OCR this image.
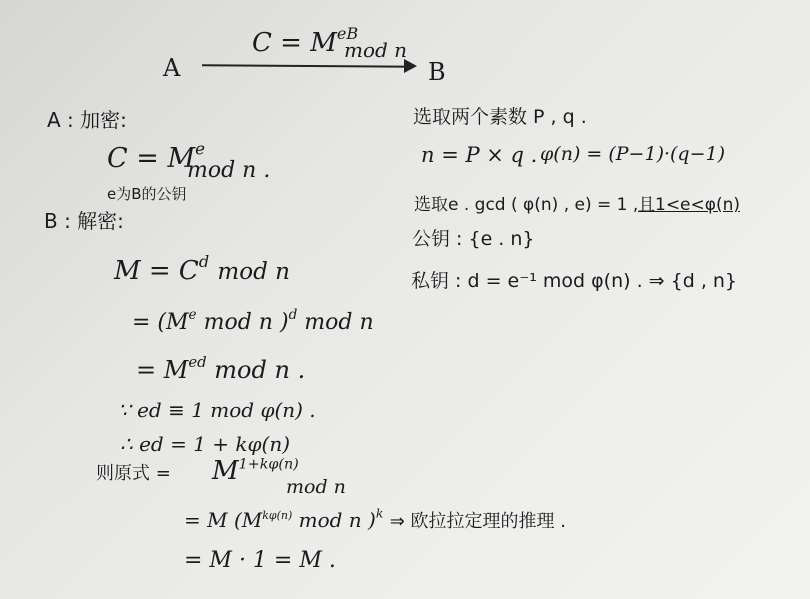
A
$C = M^{eB}$
mod n
B
A : 加密:
$C = M^e$
mod n .
e为B的公钥
B : 解密:
$M = C^d$ mod n
= ($M^e$ mod n )$^d$ mod n
= $M^{ed}$ mod n .
∵ ed ≡ 1 mod φ(n) .
∴ ed = 1 + kφ(n)
则原式 = $M^{1+k\varphi(n)}$
mod n
= M ($M^{k\varphi(n)}$ mod n )$^k$ ⇒ 欧拉拉定理的推理 .
= M · 1 = M .
选取两个素数 P , q .
n = P × q . φ(n) = (P−1)·(q−1)
选取e . gcd ( φ(n) , e) = 1 , 且1<e<φ(n)
公钥 : {e . n}
私钥 : d = e⁻¹ mod φ(n) . ⇒ {d , n}
